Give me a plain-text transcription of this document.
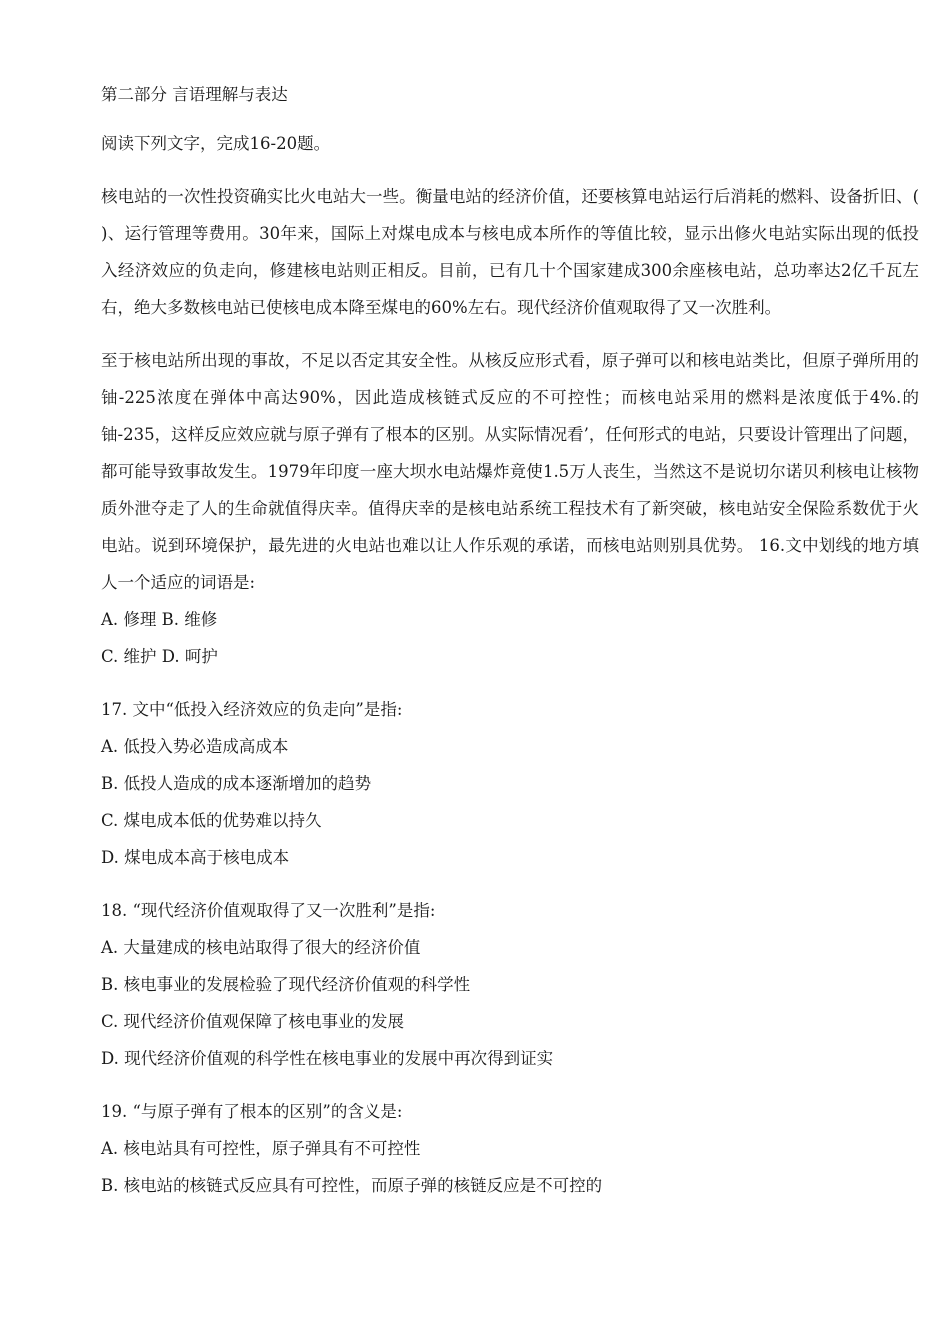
第二部分 言语理解与表达
阅读下列文字，完成16-20题。

核电站的一次性投资确实比火电站大一些。衡量电站的经济价值，还要核算电站运行后消耗的燃料、设备折旧、( )、运行管理等费用。30年来，国际上对煤电成本与核电成本所作的等值比较，显示出修火电站实际出现的低投入经济效应的负走向，修建核电站则正相反。目前，已有几十个国家建成300余座核电站，总功率达2亿千瓦左右，绝大多数核电站已使核电成本降至煤电的60%左右。现代经济价值观取得了又一次胜利。

至于核电站所出现的事故，不足以否定其安全性。从核反应形式看，原子弹可以和核电站类比，但原子弹所用的铀-225浓度在弹体中高达90%，因此造成核链式反应的不可控性；而核电站采用的燃料是浓度低于4%.的铀-235，这样反应效应就与原子弹有了根本的区别。从实际情况看’，任何形式的电站，只要设计管理出了问题，都可能导致事故发生。1979年印度一座大坝水电站爆炸竟使1.5万人丧生，当然这不是说切尔诺贝利核电让核物质外泄夺走了人的生命就值得庆幸。值得庆幸的是核电站系统工程技术有了新突破，核电站安全保险系数优于火电站。说到环境保护，最先进的火电站也难以让人作乐观的承诺，而核电站则别具优势。 16.文中划线的地方填人一个适应的词语是:

A. 修理 B. 维修
C. 维护 D. 呵护
17. 文中“低投入经济效应的负走向”是指:
A. 低投入势必造成高成本
B. 低投人造成的成本逐渐增加的趋势
C. 煤电成本低的优势难以持久
D. 煤电成本高于核电成本
18. “现代经济价值观取得了又一次胜利”是指:
A. 大量建成的核电站取得了很大的经济价值
B. 核电事业的发展检验了现代经济价值观的科学性
C. 现代经济价值观保障了核电事业的发展
D. 现代经济价值观的科学性在核电事业的发展中再次得到证实
19. “与原子弹有了根本的区别”的含义是:
A. 核电站具有可控性，原子弹具有不可控性
B. 核电站的核链式反应具有可控性，而原子弹的核链反应是不可控的
